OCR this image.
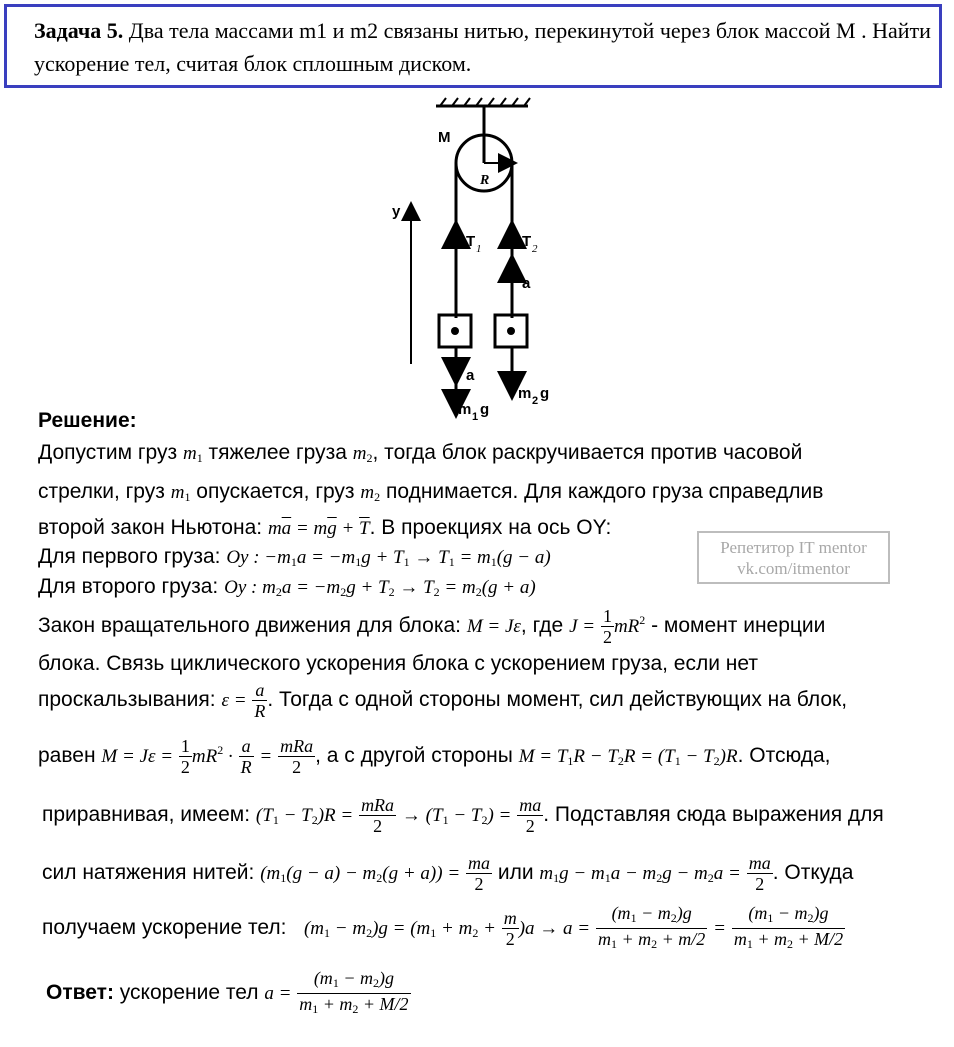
Задача 5. Два тела массами m1 и m2 связаны нитью, перекинутой через блок массой М . Найти ускорение тел, считая блок сплошным диском.
M
R
y
T 1	T 2
a
a
m 1 g
m 2 g
Решение:
Допустим груз $m_1$ тяжелее груза $m_2$, тогда блок раскручивается против часовой
стрелки, груз $m_1$ опускается, груз $m_2$ поднимается. Для каждого груза справедлив
второй закон Ньютона: $m\overline{a} = m\overline{g} + \overline{T}$. В проекциях на ось OY:
Для первого груза: Oy : $-m_1a = -m_1g + T_1 \to T_1 = m_1(g - a)$
Для второго груза: Oy : $m_2a = -m_2g + T_2 \to T_2 = m_2(g + a)$
Закон вращательного движения для блока: M = Jε, где $J = \frac{1}{2} mR^2$ - момент инерции
блока. Связь циклического ускорения блока с ускорением груза, если нет
проскальзывания: $\varepsilon = \frac{a}{R}$ . Тогда с одной стороны момент, сил действующих на блок,
равен $M = J\varepsilon = \frac{1}{2} mR^2 \cdot \frac{a}{R} = \frac{\text{mRa}}{2}$ , а с другой стороны $M = T_1R - T_2R = (T_1 - T_2)R$. Отсюда,
приравнивая, имеем: $(T_1 - T_2)R = \frac{\text{mRa}}{2} \to (T_1 - T_2) = \frac{ma}{2}$ . Подставляя сюда выражения для
сил натяжения нитей: $(m_1(g - a) - m_2(g + a)) = \frac{ma}{2}$ или $m_1g - m_1a - m_2g - m_2a = \frac{ma}{2}$ . Откуда
получаем ускорение тел: $(m_1 - m_2)g = (m_1 + m_2 + \frac{m}{2} )a \to a = \frac{(m_1 - m_2)g}{m_1 + m_2 + m/2} = \frac{(m_1 - m_2)g}{m_1 + m_2 + M/2}$
Ответ: ускорение тел $a = \frac{(m_1 - m_2)g}{m_1 + m_2 + M/2}$
Репетитор IT mentor
vk.com/itmentor
